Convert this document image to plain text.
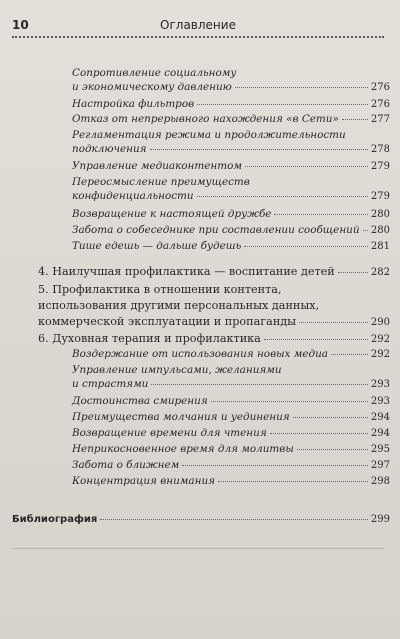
10	Оглавление
Сопротивление социальному
и экономическому давлению	276
Настройка фильтров	276
Отказ от непрерывного нахождения «в Сети»	277
Регламентация режима и продолжительности
подключения	278
Управление медиаконтентом	279
Переосмысление преимуществ
конфиденциальности	279
Возвращение к настоящей дружбе	280
Забота о собеседнике при составлении сообщений 280
Тише едешь — дальше будешь	281
4. Наилучшая профилактика — воспитание детей	282
5. Профилактика в отношении контента,
использования другими персональных данных,
коммерческой эксплуатации и пропаганды	290
6. Духовная терапия и профилактика	292
Воздержание от использования новых медиа	292
Управление импульсами, желаниями
и страстями	293
Достоинства смирения	293
Преимущества молчания и уединения	294
Возвращение времени для чтения	294
Неприкосновенное время для молитвы	295
Забота о ближнем	297
Концентрация внимания	298
Библиография	299
